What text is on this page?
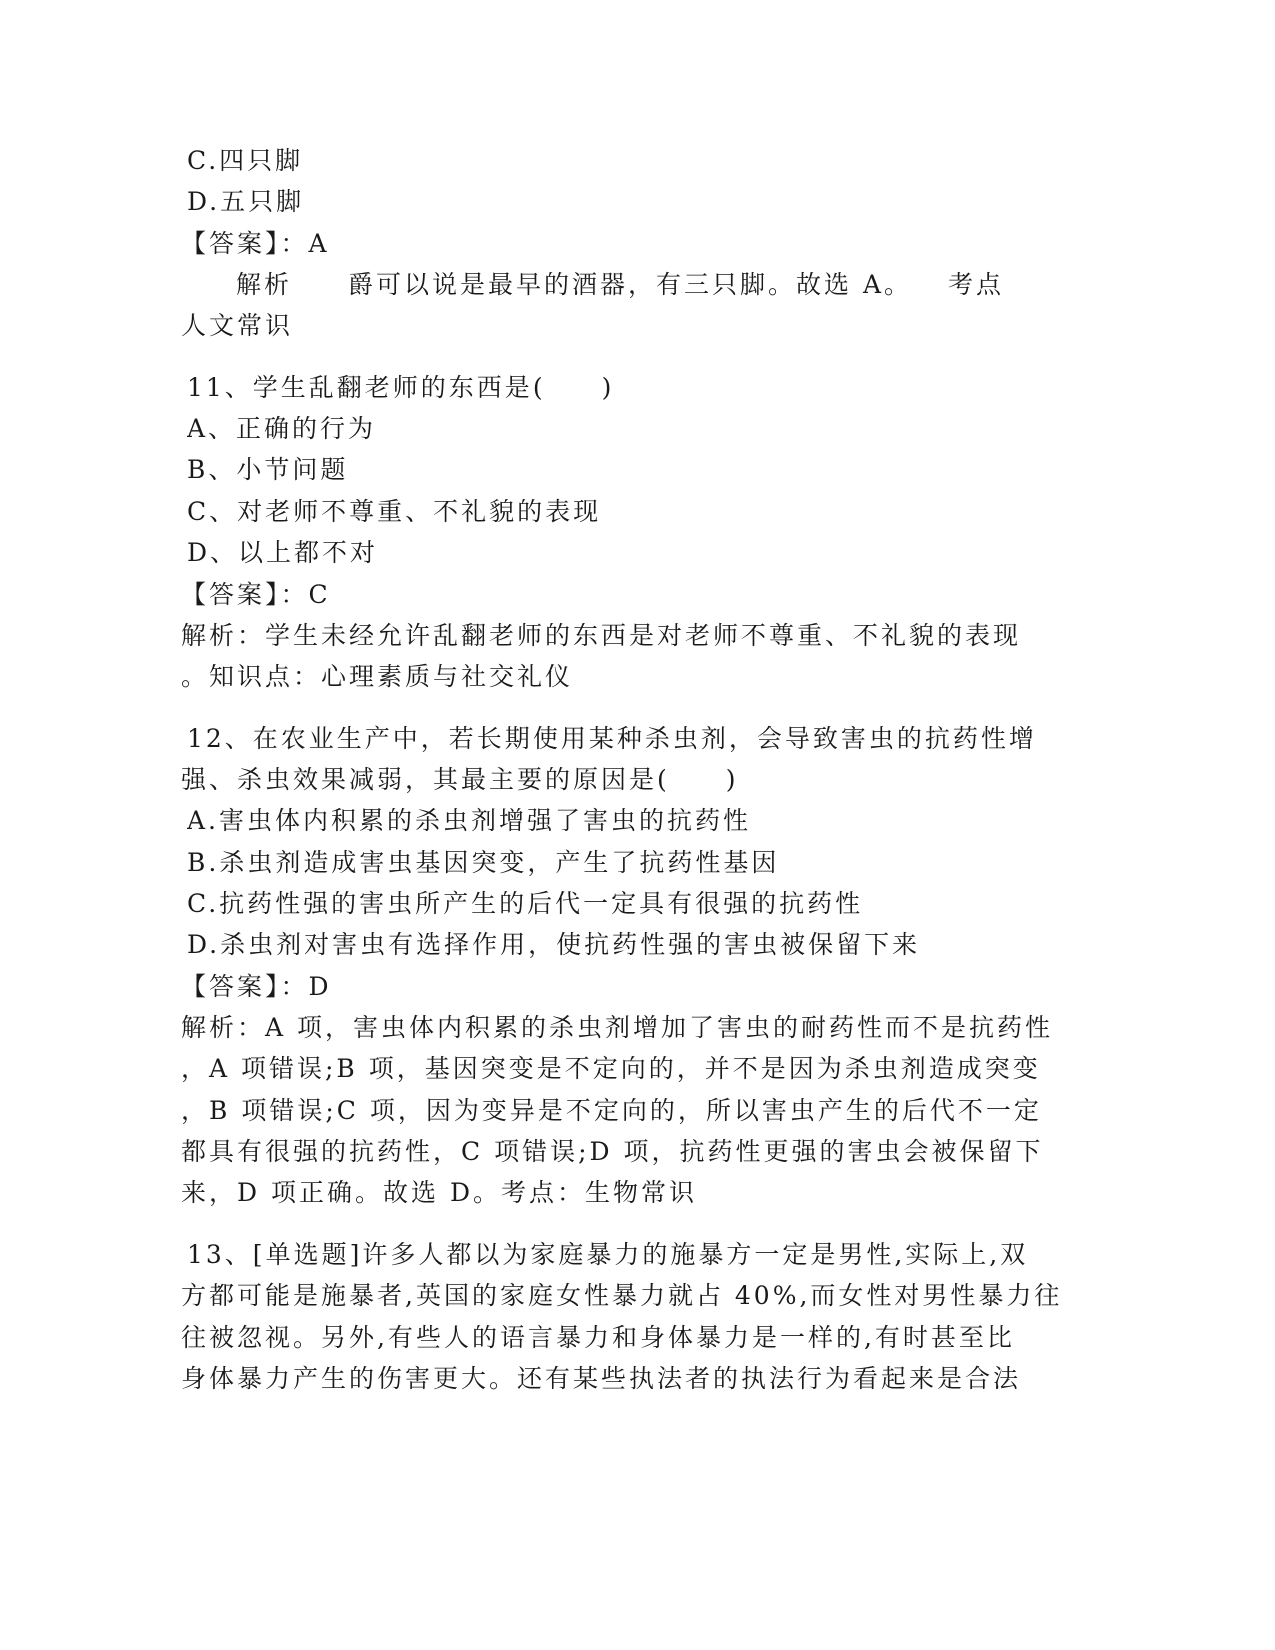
C.四只脚
D.五只脚
【答案】：A
解析 爵可以说是最早的酒器，有三只脚。故选 A。 考点
人文常识
11、学生乱翻老师的东西是(　　)
A、正确的行为
B、小节问题
C、对老师不尊重、不礼貌的表现
D、以上都不对
【答案】：C
解析：学生未经允许乱翻老师的东西是对老师不尊重、不礼貌的表现
。知识点：心理素质与社交礼仪
12、在农业生产中，若长期使用某种杀虫剂，会导致害虫的抗药性增
强、杀虫效果减弱，其最主要的原因是(　　)
A.害虫体内积累的杀虫剂增强了害虫的抗药性
B.杀虫剂造成害虫基因突变，产生了抗药性基因
C.抗药性强的害虫所产生的后代一定具有很强的抗药性
D.杀虫剂对害虫有选择作用，使抗药性强的害虫被保留下来
【答案】：D
解析：A 项，害虫体内积累的杀虫剂增加了害虫的耐药性而不是抗药性
，A 项错误;B 项，基因突变是不定向的，并不是因为杀虫剂造成突变
，B 项错误;C 项，因为变异是不定向的，所以害虫产生的后代不一定
都具有很强的抗药性，C 项错误;D 项，抗药性更强的害虫会被保留下
来，D 项正确。故选 D。考点：生物常识
13、[单选题]许多人都以为家庭暴力的施暴方一定是男性,实际上,双
方都可能是施暴者,英国的家庭女性暴力就占 40%,而女性对男性暴力往
往被忽视。另外,有些人的语言暴力和身体暴力是一样的,有时甚至比
身体暴力产生的伤害更大。还有某些执法者的执法行为看起来是合法
